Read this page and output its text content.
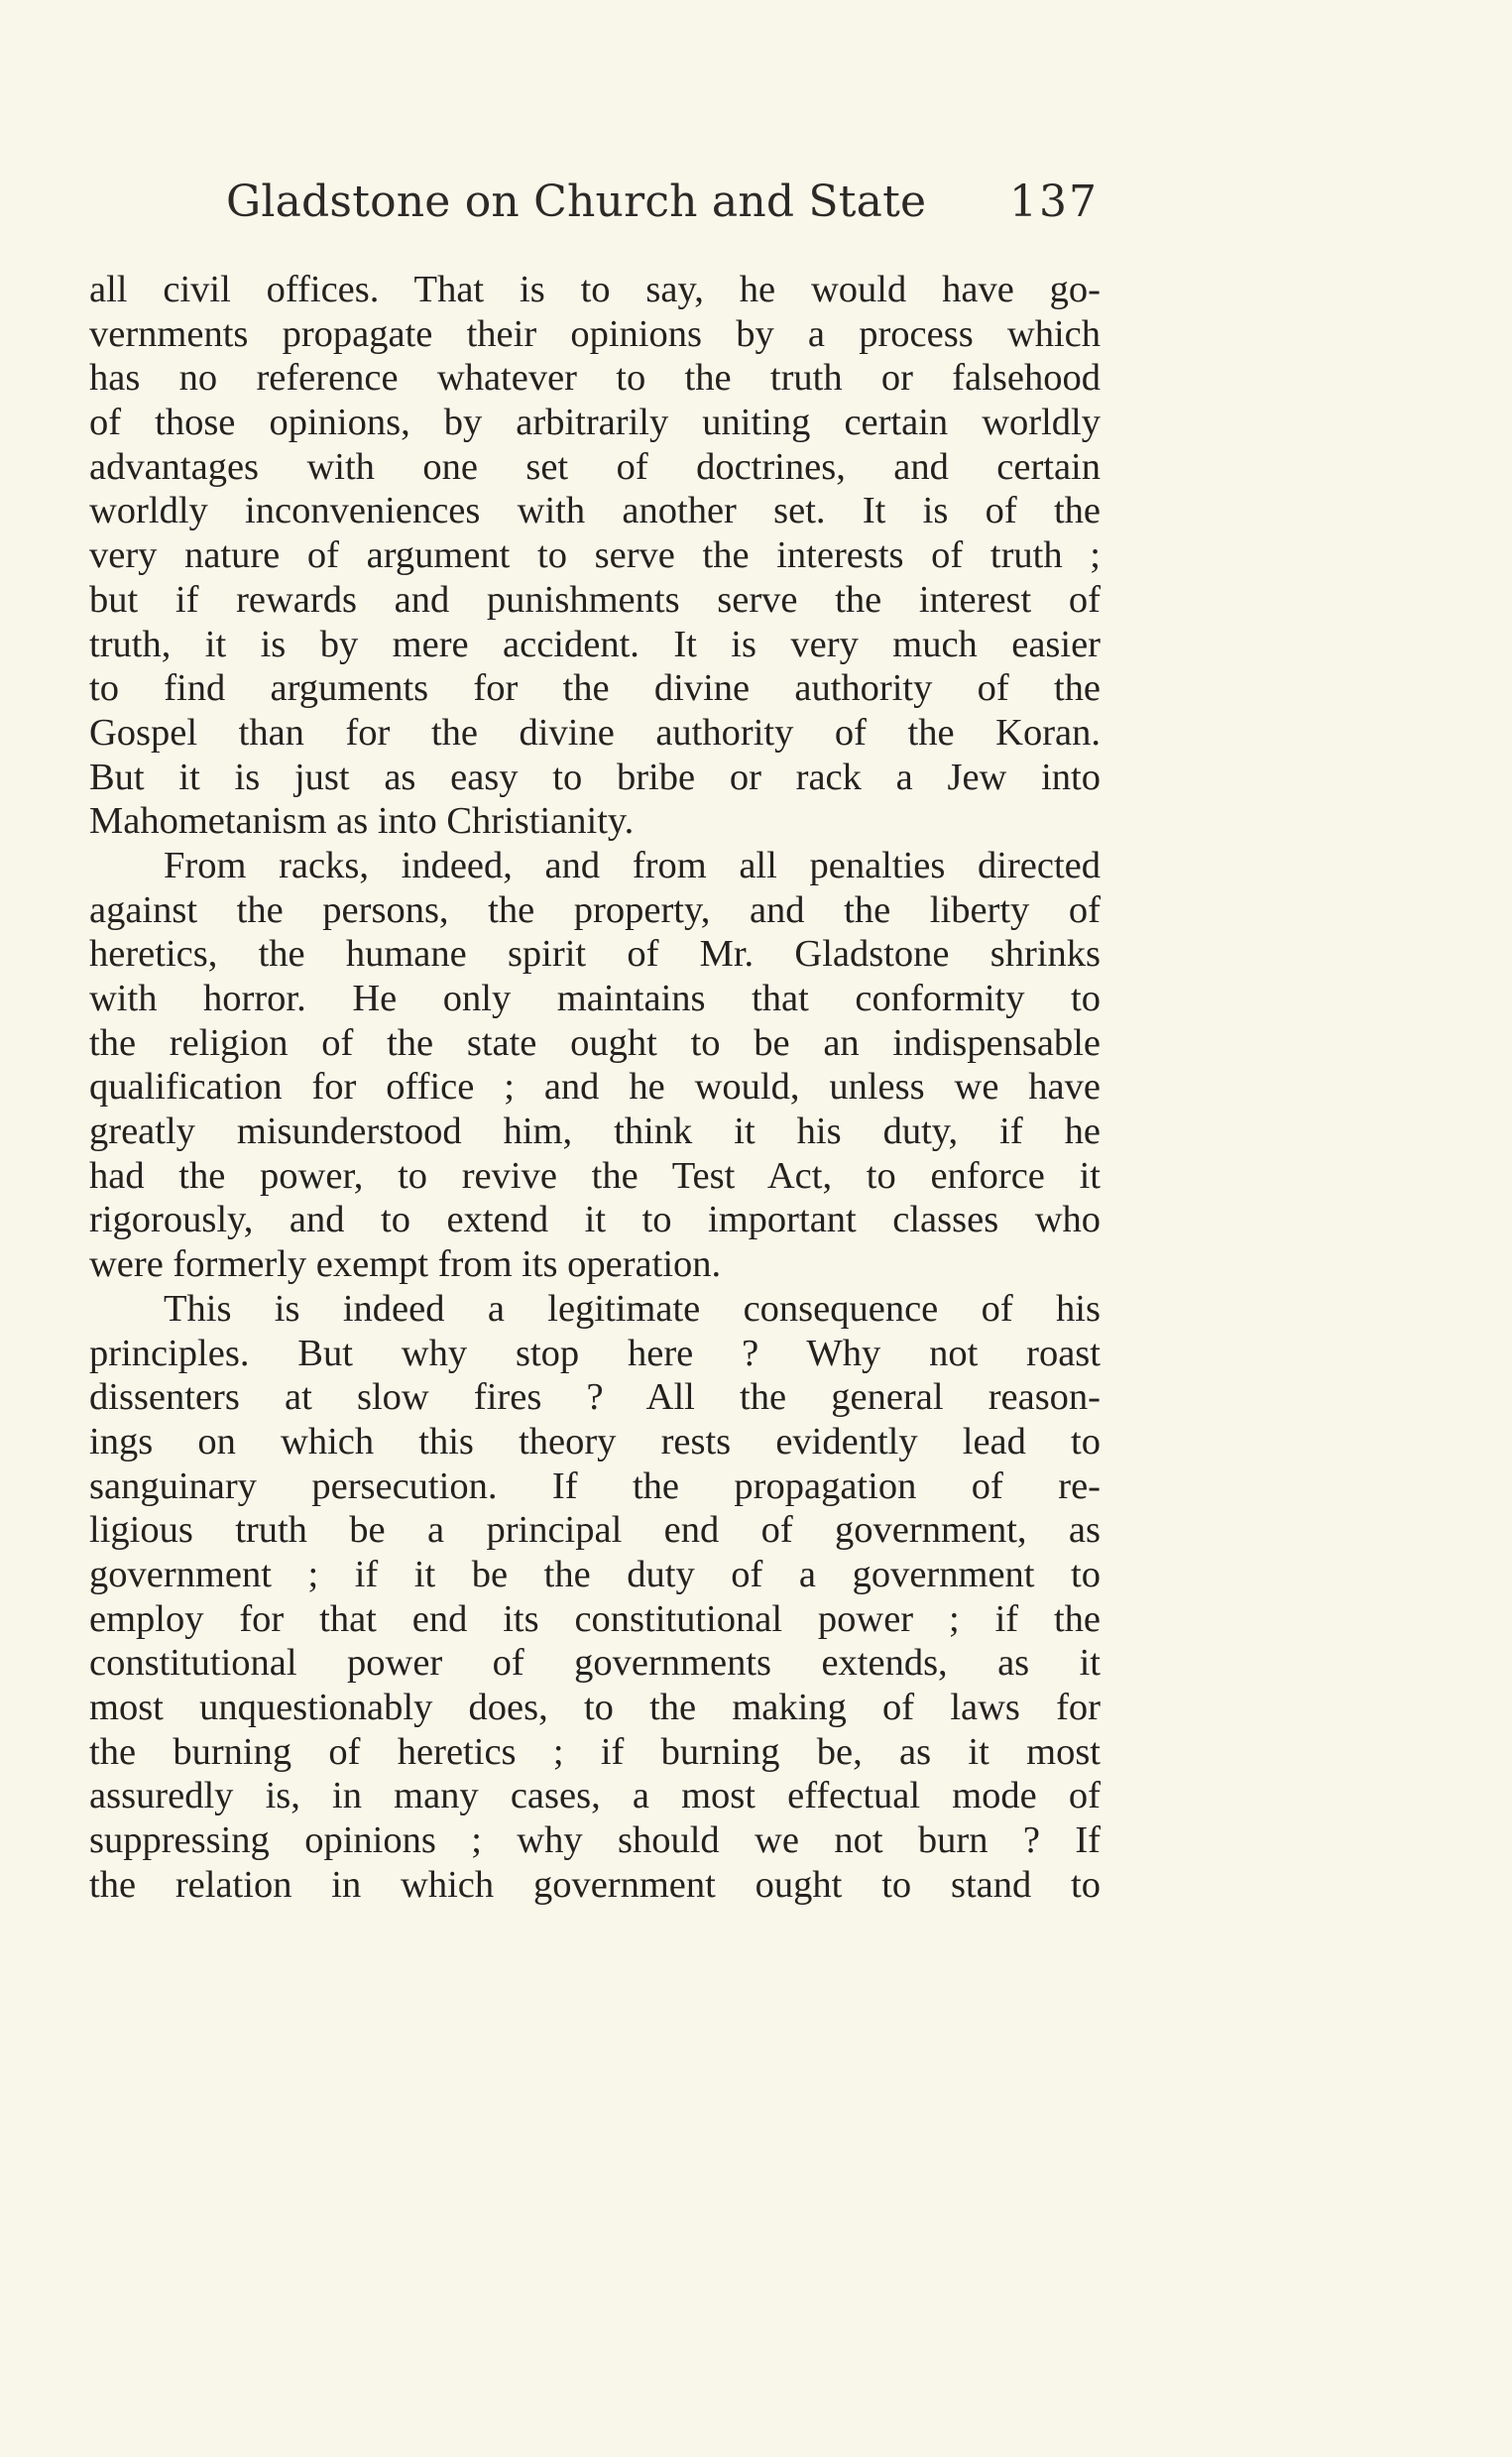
Gladstone on Church and State 137
all civil offices. That is to say, he would have go-
vernments propagate their opinions by a process which
has no reference whatever to the truth or falsehood
of those opinions, by arbitrarily uniting certain worldly
advantages with one set of doctrines, and certain
worldly inconveniences with another set. It is of the
very nature of argument to serve the interests of truth ;
but if rewards and punishments serve the interest of
truth, it is by mere accident. It is very much easier
to find arguments for the divine authority of the
Gospel than for the divine authority of the Koran.
But it is just as easy to bribe or rack a Jew into
Mahometanism as into Christianity.
From racks, indeed, and from all penalties directed
against the persons, the property, and the liberty of
heretics, the humane spirit of Mr. Gladstone shrinks
with horror. He only maintains that conformity to
the religion of the state ought to be an indispensable
qualification for office ; and he would, unless we have
greatly misunderstood him, think it his duty, if he
had the power, to revive the Test Act, to enforce it
rigorously, and to extend it to important classes who
were formerly exempt from its operation.
This is indeed a legitimate consequence of his
principles. But why stop here ? Why not roast
dissenters at slow fires ? All the general reason-
ings on which this theory rests evidently lead to
sanguinary persecution. If the propagation of re-
ligious truth be a principal end of government, as
government ; if it be the duty of a government to
employ for that end its constitutional power ; if the
constitutional power of governments extends, as it
most unquestionably does, to the making of laws for
the burning of heretics ; if burning be, as it most
assuredly is, in many cases, a most effectual mode of
suppressing opinions ; why should we not burn ? If
the relation in which government ought to stand to
